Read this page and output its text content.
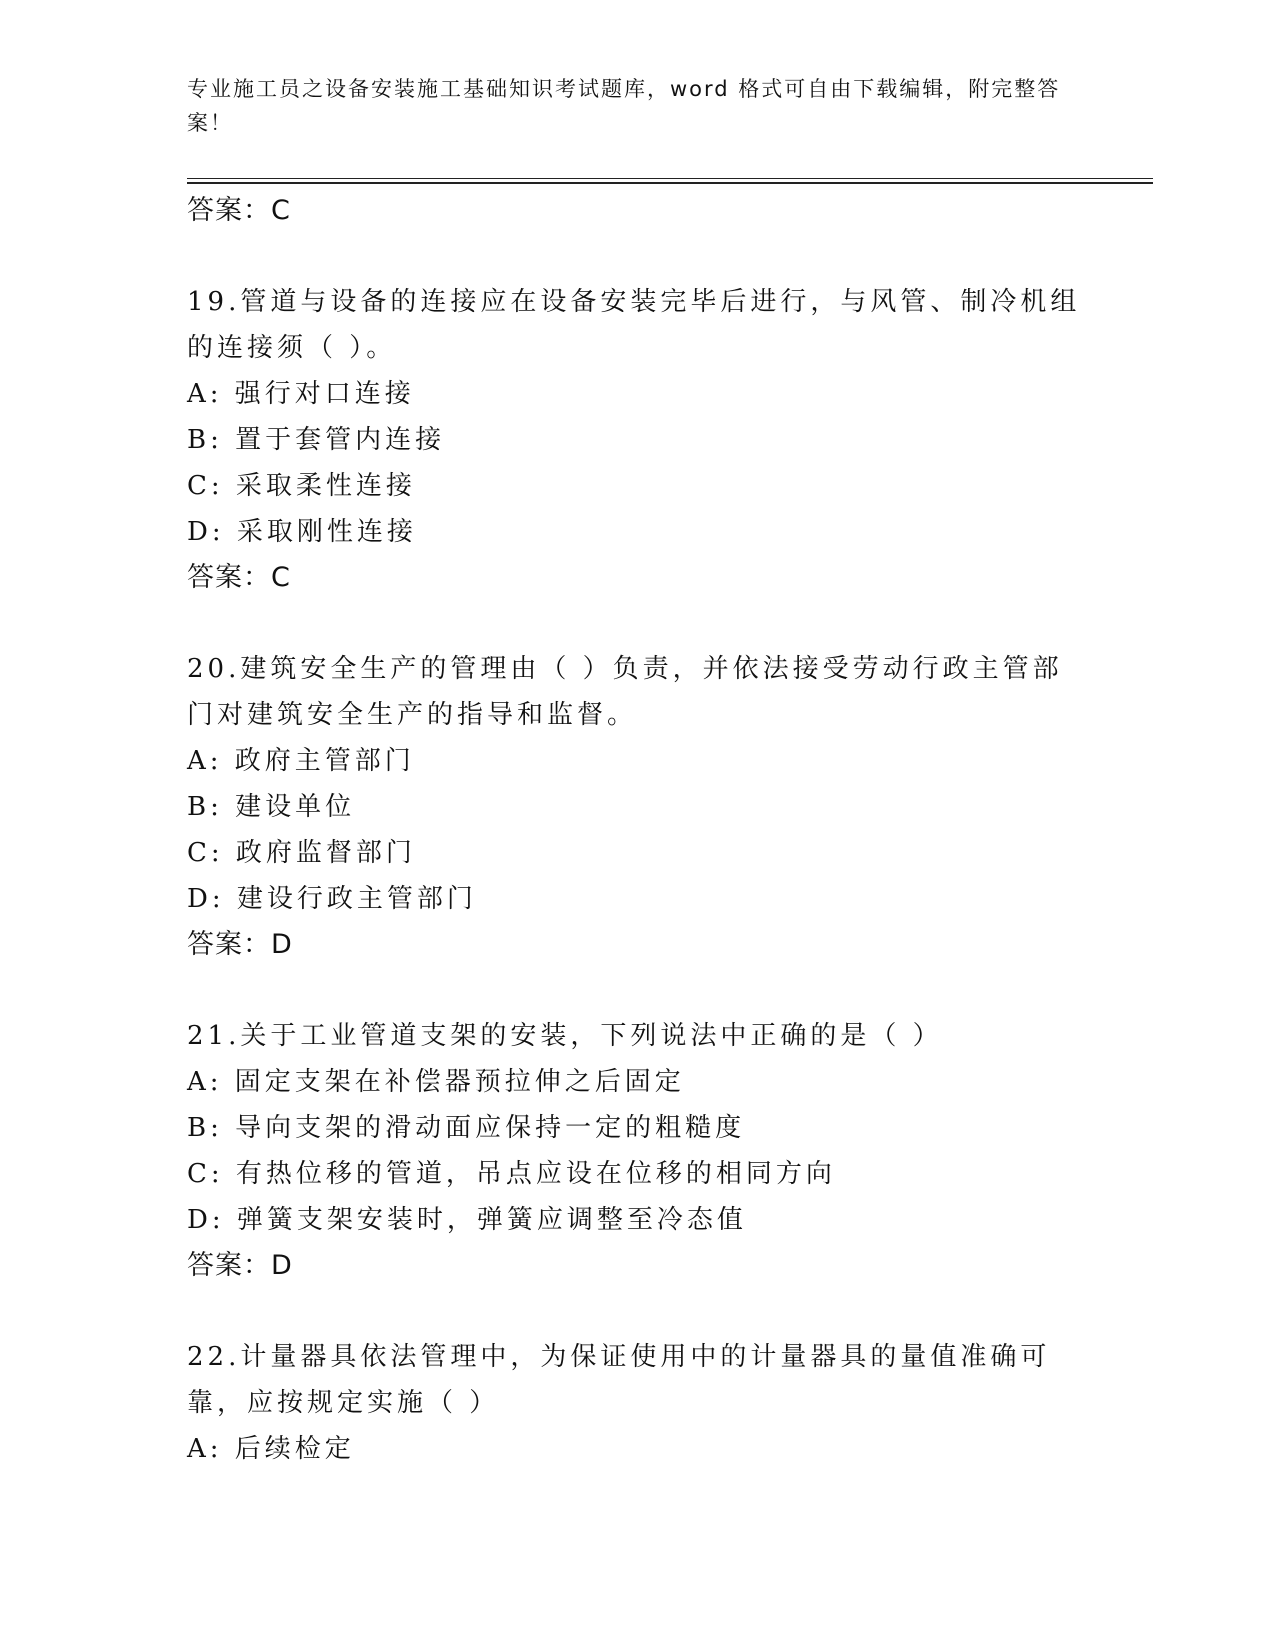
专业施工员之设备安装施工基础知识考试题库，word 格式可自由下载编辑，附完整答案！
答案：C
19.管道与设备的连接应在设备安装完毕后进行，与风管、制冷机组的连接须（ ）。
A: 强行对口连接
B: 置于套管内连接
C: 采取柔性连接
D: 采取刚性连接
答案：C
20.建筑安全生产的管理由（ ）负责，并依法接受劳动行政主管部门对建筑安全生产的指导和监督。
A: 政府主管部门
B: 建设单位
C: 政府监督部门
D: 建设行政主管部门
答案：D
21.关于工业管道支架的安装，下列说法中正确的是（ ）
A: 固定支架在补偿器预拉伸之后固定
B: 导向支架的滑动面应保持一定的粗糙度
C: 有热位移的管道，吊点应设在位移的相同方向
D: 弹簧支架安装时，弹簧应调整至冷态值
答案：D
22.计量器具依法管理中，为保证使用中的计量器具的量值准确可靠，应按规定实施（ ）
A: 后续检定
